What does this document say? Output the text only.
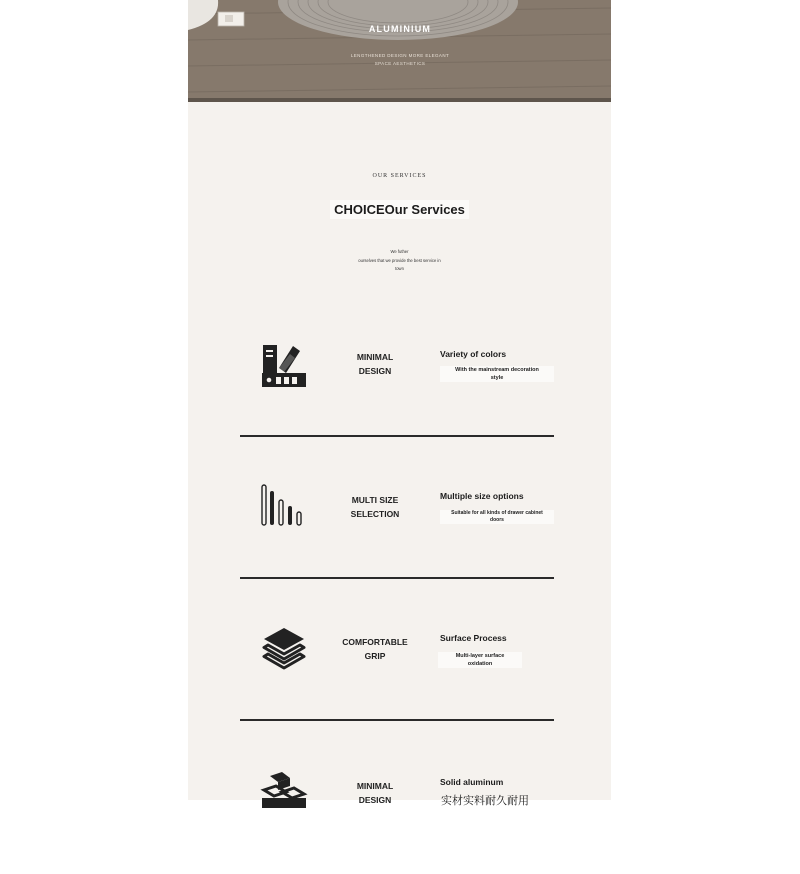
ALUMINIUM
LENGTHENED DESIGN MORE ELEGANT
SPACE AESTHETICS
OUR SERVICES
CHOICEOur Services
We futher
ourselves that we provide the best service in
town
MINIMAL
DESIGN
Variety of colors
With the mainstream decoration
style
MULTI SIZE
SELECTION
Multiple size options
Suitable for all kinds of drawer cabinet
doors
COMFORTABLE
GRIP
Surface Process
Multi-layer surface
oxidation
MINIMAL
DESIGN
Solid aluminum
实材实料耐久耐用
